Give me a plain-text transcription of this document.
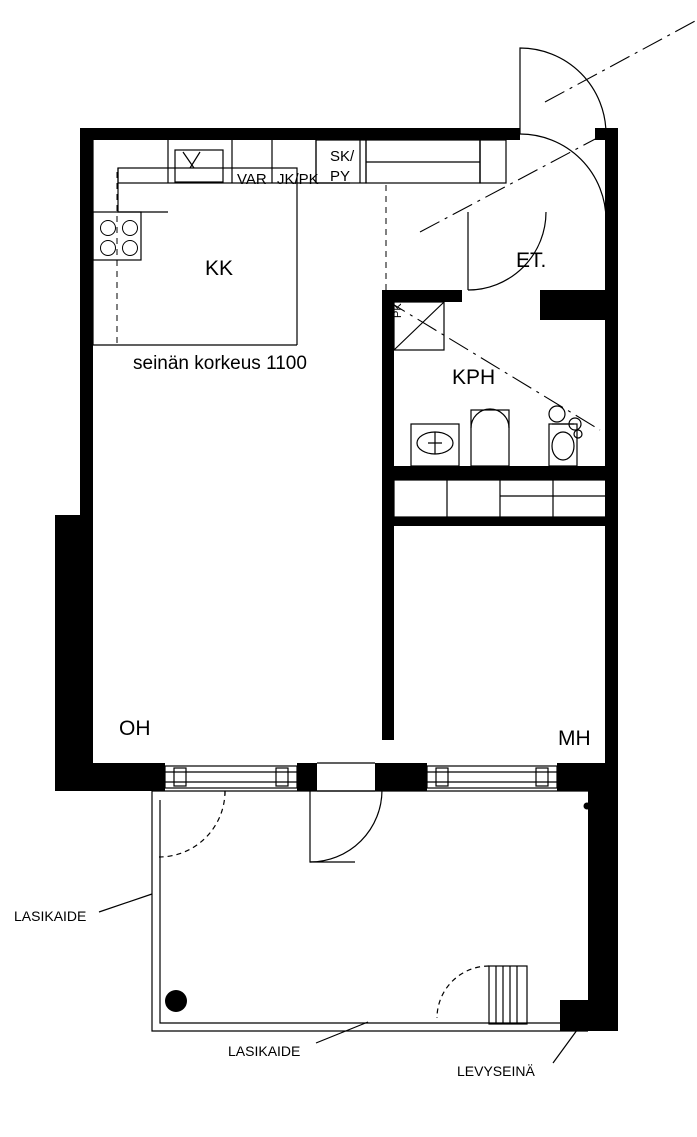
KK
SK/
PY
VAR JK/PK
PK
ET.
KPH
OH	MH
seinän korkeus 1100
LASIKAIDE
LASIKAIDE
LEVYSEINÄ
